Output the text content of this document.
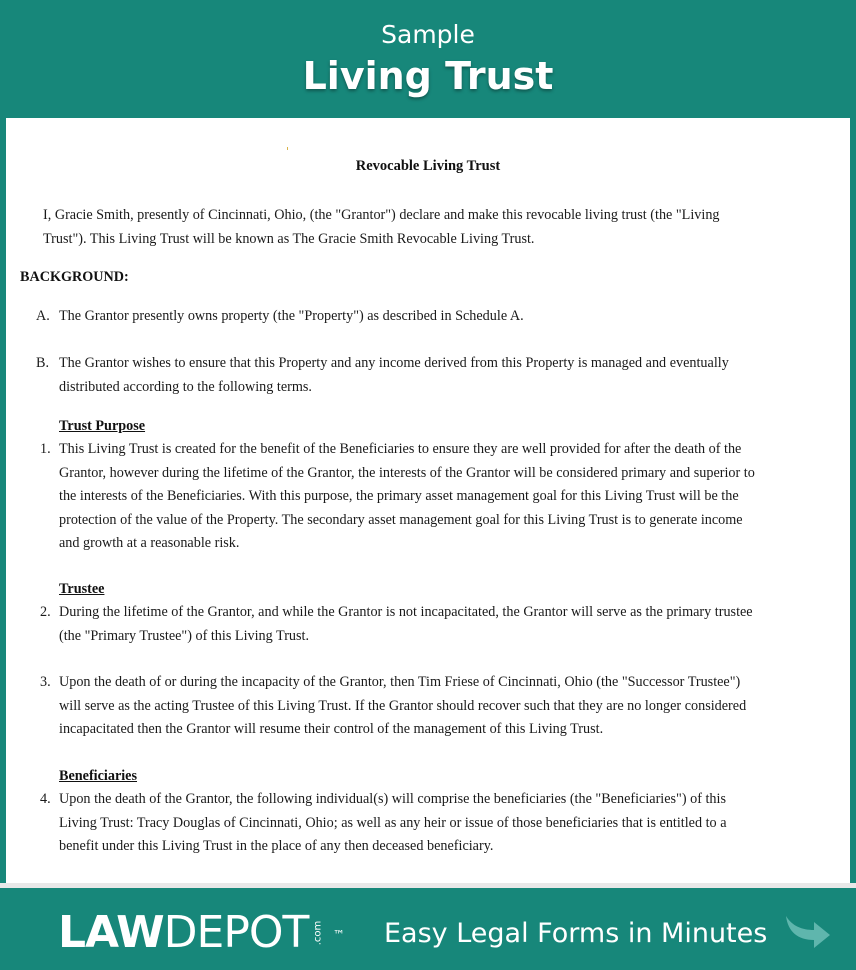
Sample
Living Trust
Revocable Living Trust
I, Gracie Smith, presently of Cincinnati, Ohio, (the "Grantor") declare and make this revocable living trust (the "Living
Trust"). This Living Trust will be known as The Gracie Smith Revocable Living Trust.
BACKGROUND:
A. The Grantor presently owns property (the "Property") as described in Schedule A.
B. The Grantor wishes to ensure that this Property and any income derived from this Property is managed and eventually
distributed according to the following terms.
Trust Purpose
1. This Living Trust is created for the benefit of the Beneficiaries to ensure they are well provided for after the death of the
Grantor, however during the lifetime of the Grantor, the interests of the Grantor will be considered primary and superior to
the interests of the Beneficiaries. With this purpose, the primary asset management goal for this Living Trust will be the
protection of the value of the Property. The secondary asset management goal for this Living Trust is to generate income
and growth at a reasonable risk.
Trustee
2. During the lifetime of the Grantor, and while the Grantor is not incapacitated, the Grantor will serve as the primary trustee
(the "Primary Trustee") of this Living Trust.
3. Upon the death of or during the incapacity of the Grantor, then Tim Friese of Cincinnati, Ohio (the "Successor Trustee")
will serve as the acting Trustee of this Living Trust. If the Grantor should recover such that they are no longer considered
incapacitated then the Grantor will resume their control of the management of this Living Trust.
Beneficiaries
4. Upon the death of the Grantor, the following individual(s) will comprise the beneficiaries (the "Beneficiaries") of this
Living Trust: Tracy Douglas of Cincinnati, Ohio; as well as any heir or issue of those beneficiaries that is entitled to a
benefit under this Living Trust in the place of any then deceased beneficiary.
LAWDEPOT .com ™ Easy Legal Forms in Minutes
